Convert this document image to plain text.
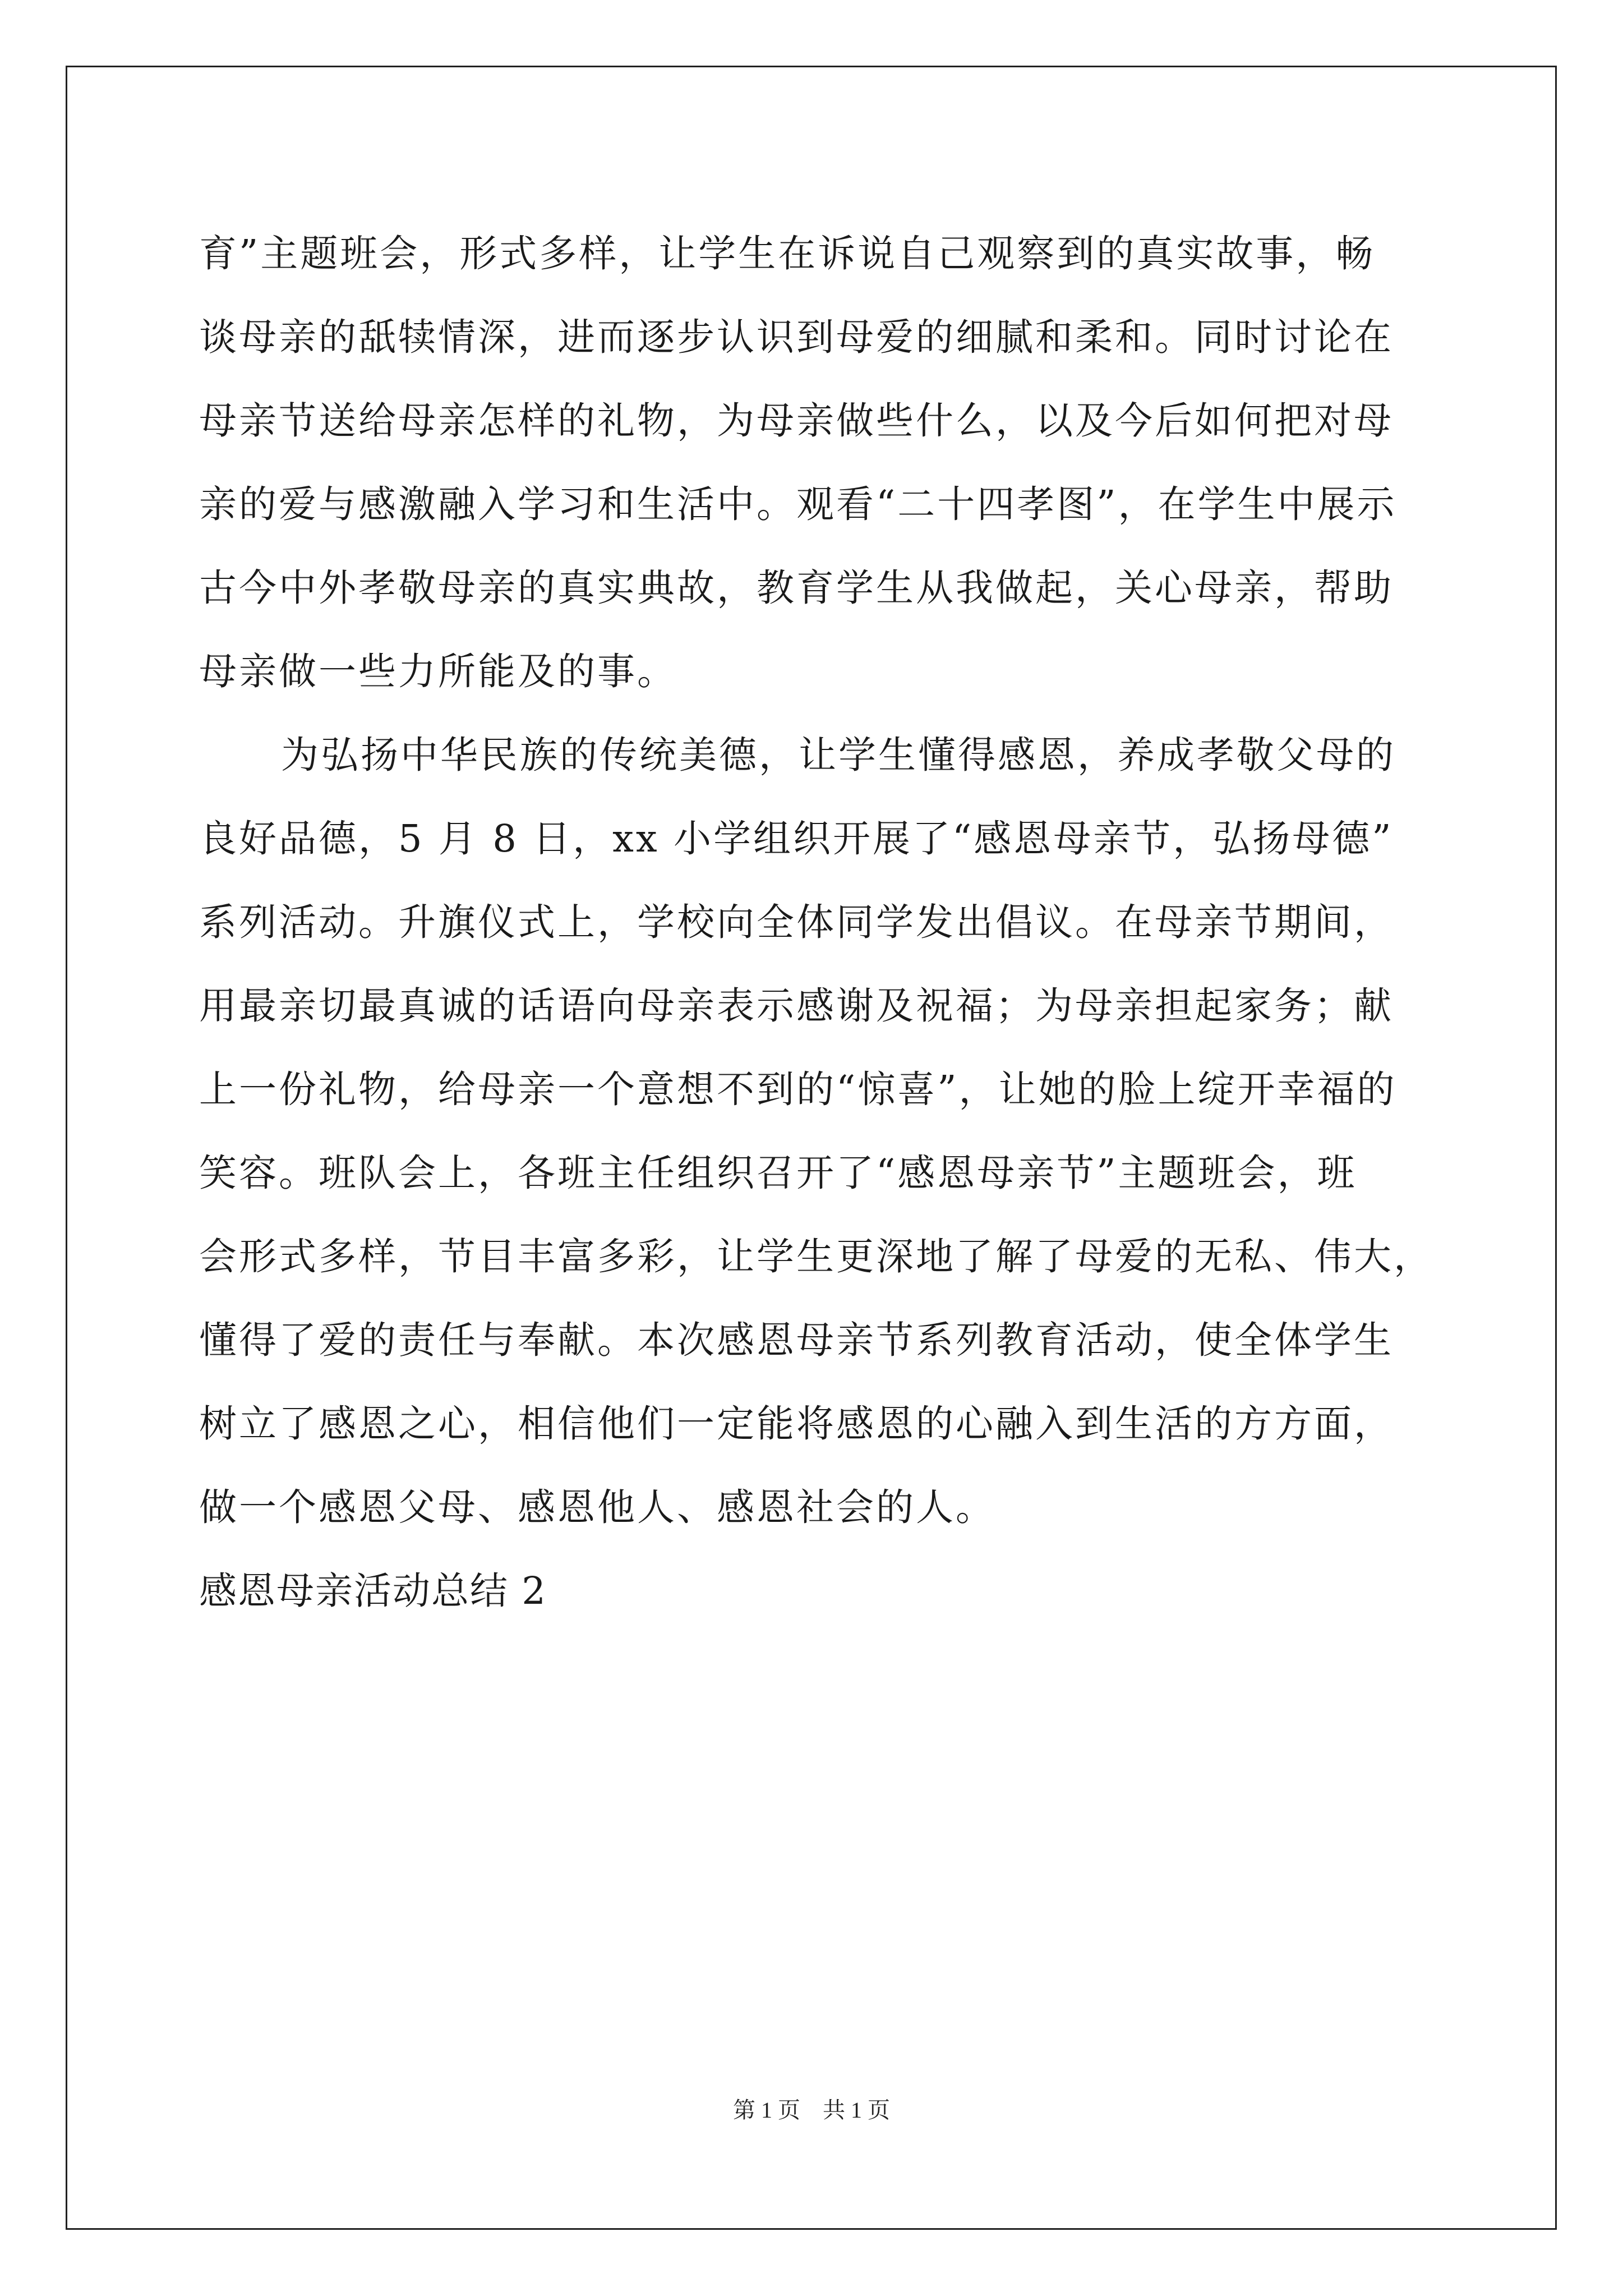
育”主题班会，形式多样，让学生在诉说自己观察到的真实故事，畅
谈母亲的舐犊情深，进而逐步认识到母爱的细腻和柔和。同时讨论在
母亲节送给母亲怎样的礼物，为母亲做些什么，以及今后如何把对母
亲的爱与感激融入学习和生活中。观看“二十四孝图”，在学生中展示
古今中外孝敬母亲的真实典故，教育学生从我做起，关心母亲，帮助
母亲做一些力所能及的事。
为弘扬中华民族的传统美德，让学生懂得感恩，养成孝敬父母的
良好品德，5 月 8 日，xx 小学组织开展了“感恩母亲节，弘扬母德”
系列活动。升旗仪式上，学校向全体同学发出倡议。在母亲节期间，
用最亲切最真诚的话语向母亲表示感谢及祝福；为母亲担起家务；献
上一份礼物，给母亲一个意想不到的“惊喜”，让她的脸上绽开幸福的
笑容。班队会上，各班主任组织召开了“感恩母亲节”主题班会，班
会形式多样，节目丰富多彩，让学生更深地了解了母爱的无私、伟大，
懂得了爱的责任与奉献。本次感恩母亲节系列教育活动，使全体学生
树立了感恩之心，相信他们一定能将感恩的心融入到生活的方方面，
做一个感恩父母、感恩他人、感恩社会的人。
感恩母亲活动总结 2
第 1 页　共 1 页
